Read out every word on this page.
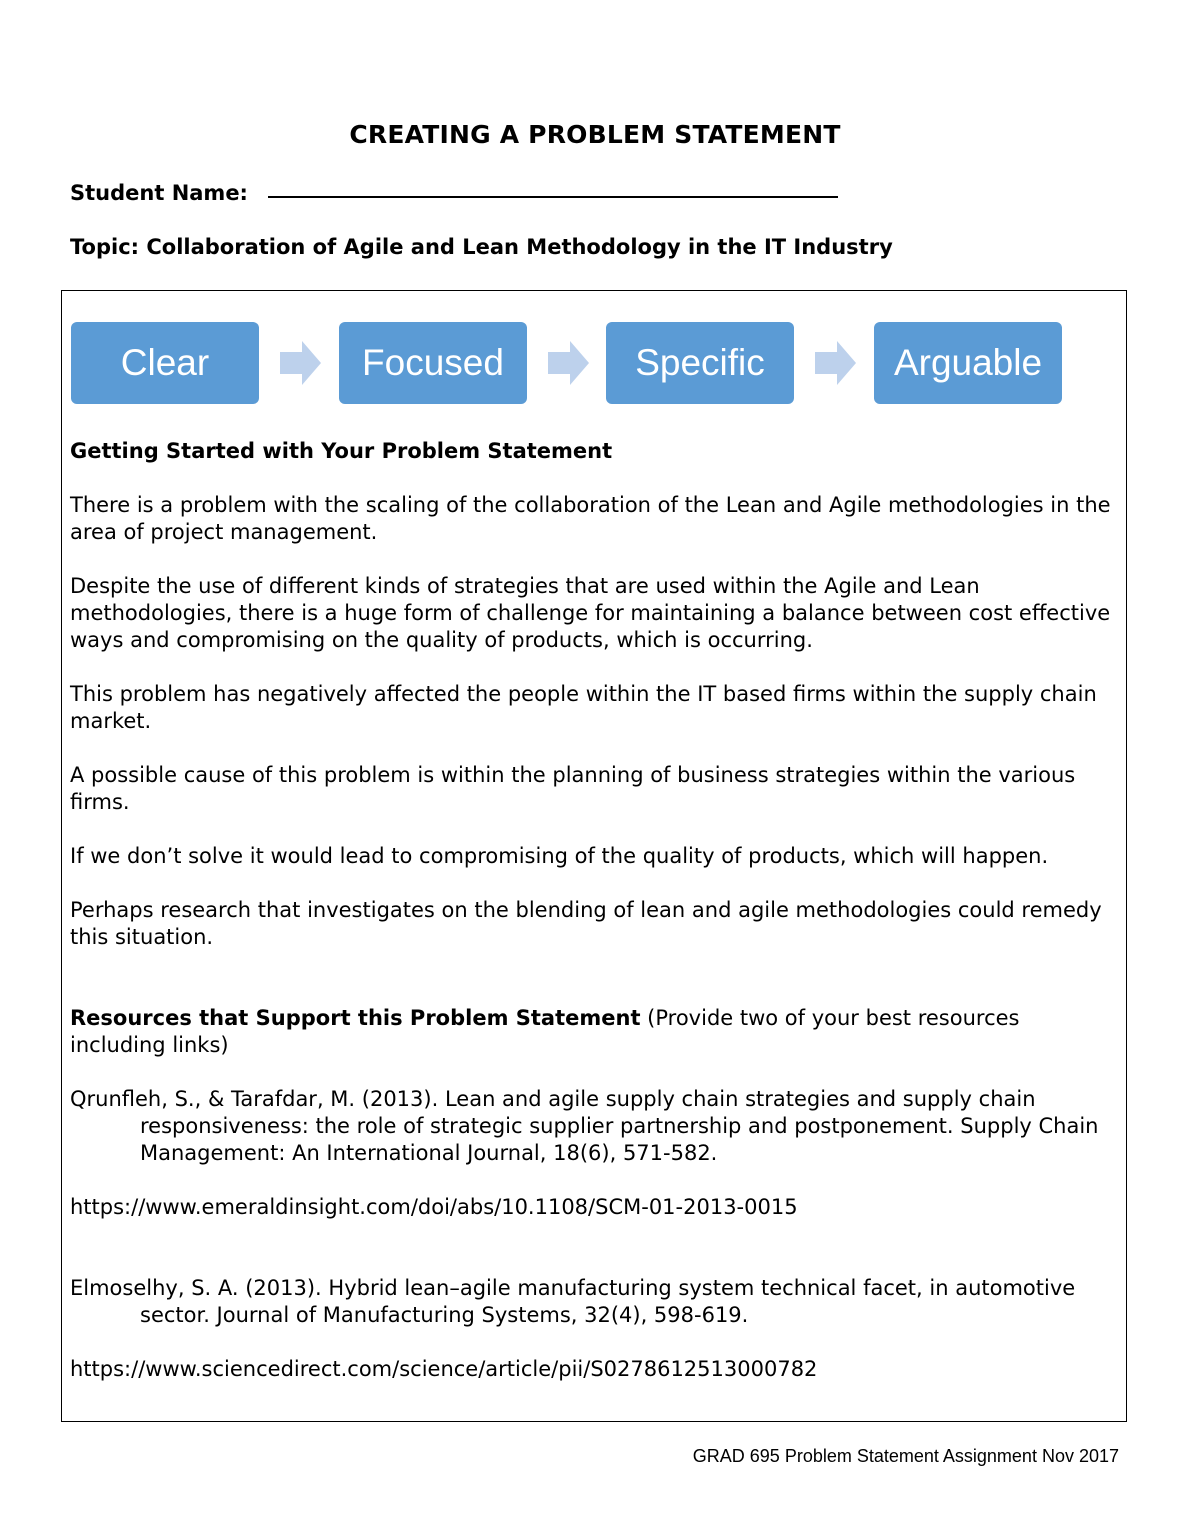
CREATING A PROBLEM STATEMENT
Student Name:
Topic: Collaboration of Agile and Lean Methodology in the IT Industry
Clear	Focused	Specific	Arguable

Getting Started with Your Problem Statement

There is a problem with the scaling of the collaboration of the Lean and Agile methodologies in the area of project management.

Despite the use of different kinds of strategies that are used within the Agile and Lean methodologies, there is a huge form of challenge for maintaining a balance between cost effective ways and compromising on the quality of products, which is occurring.

This problem has negatively affected the people within the IT based firms within the supply chain market.

A possible cause of this problem is within the planning of business strategies within the various firms.

If we don’t solve it would lead to compromising of the quality of products, which will happen.

Perhaps research that investigates on the blending of lean and agile methodologies could remedy this situation.

Resources that Support this Problem Statement (Provide two of your best resources including links)

Qrunfleh, S., & Tarafdar, M. (2013). Lean and agile supply chain strategies and supply chain responsiveness: the role of strategic supplier partnership and postponement. Supply Chain Management: An International Journal, 18(6), 571-582.

https://www.emeraldinsight.com/doi/abs/10.1108/SCM-01-2013-0015

Elmoselhy, S. A. (2013). Hybrid lean–agile manufacturing system technical facet, in automotive sector. Journal of Manufacturing Systems, 32(4), 598-619.

https://www.sciencedirect.com/science/article/pii/S0278612513000782

GRAD 695 Problem Statement Assignment Nov 2017
